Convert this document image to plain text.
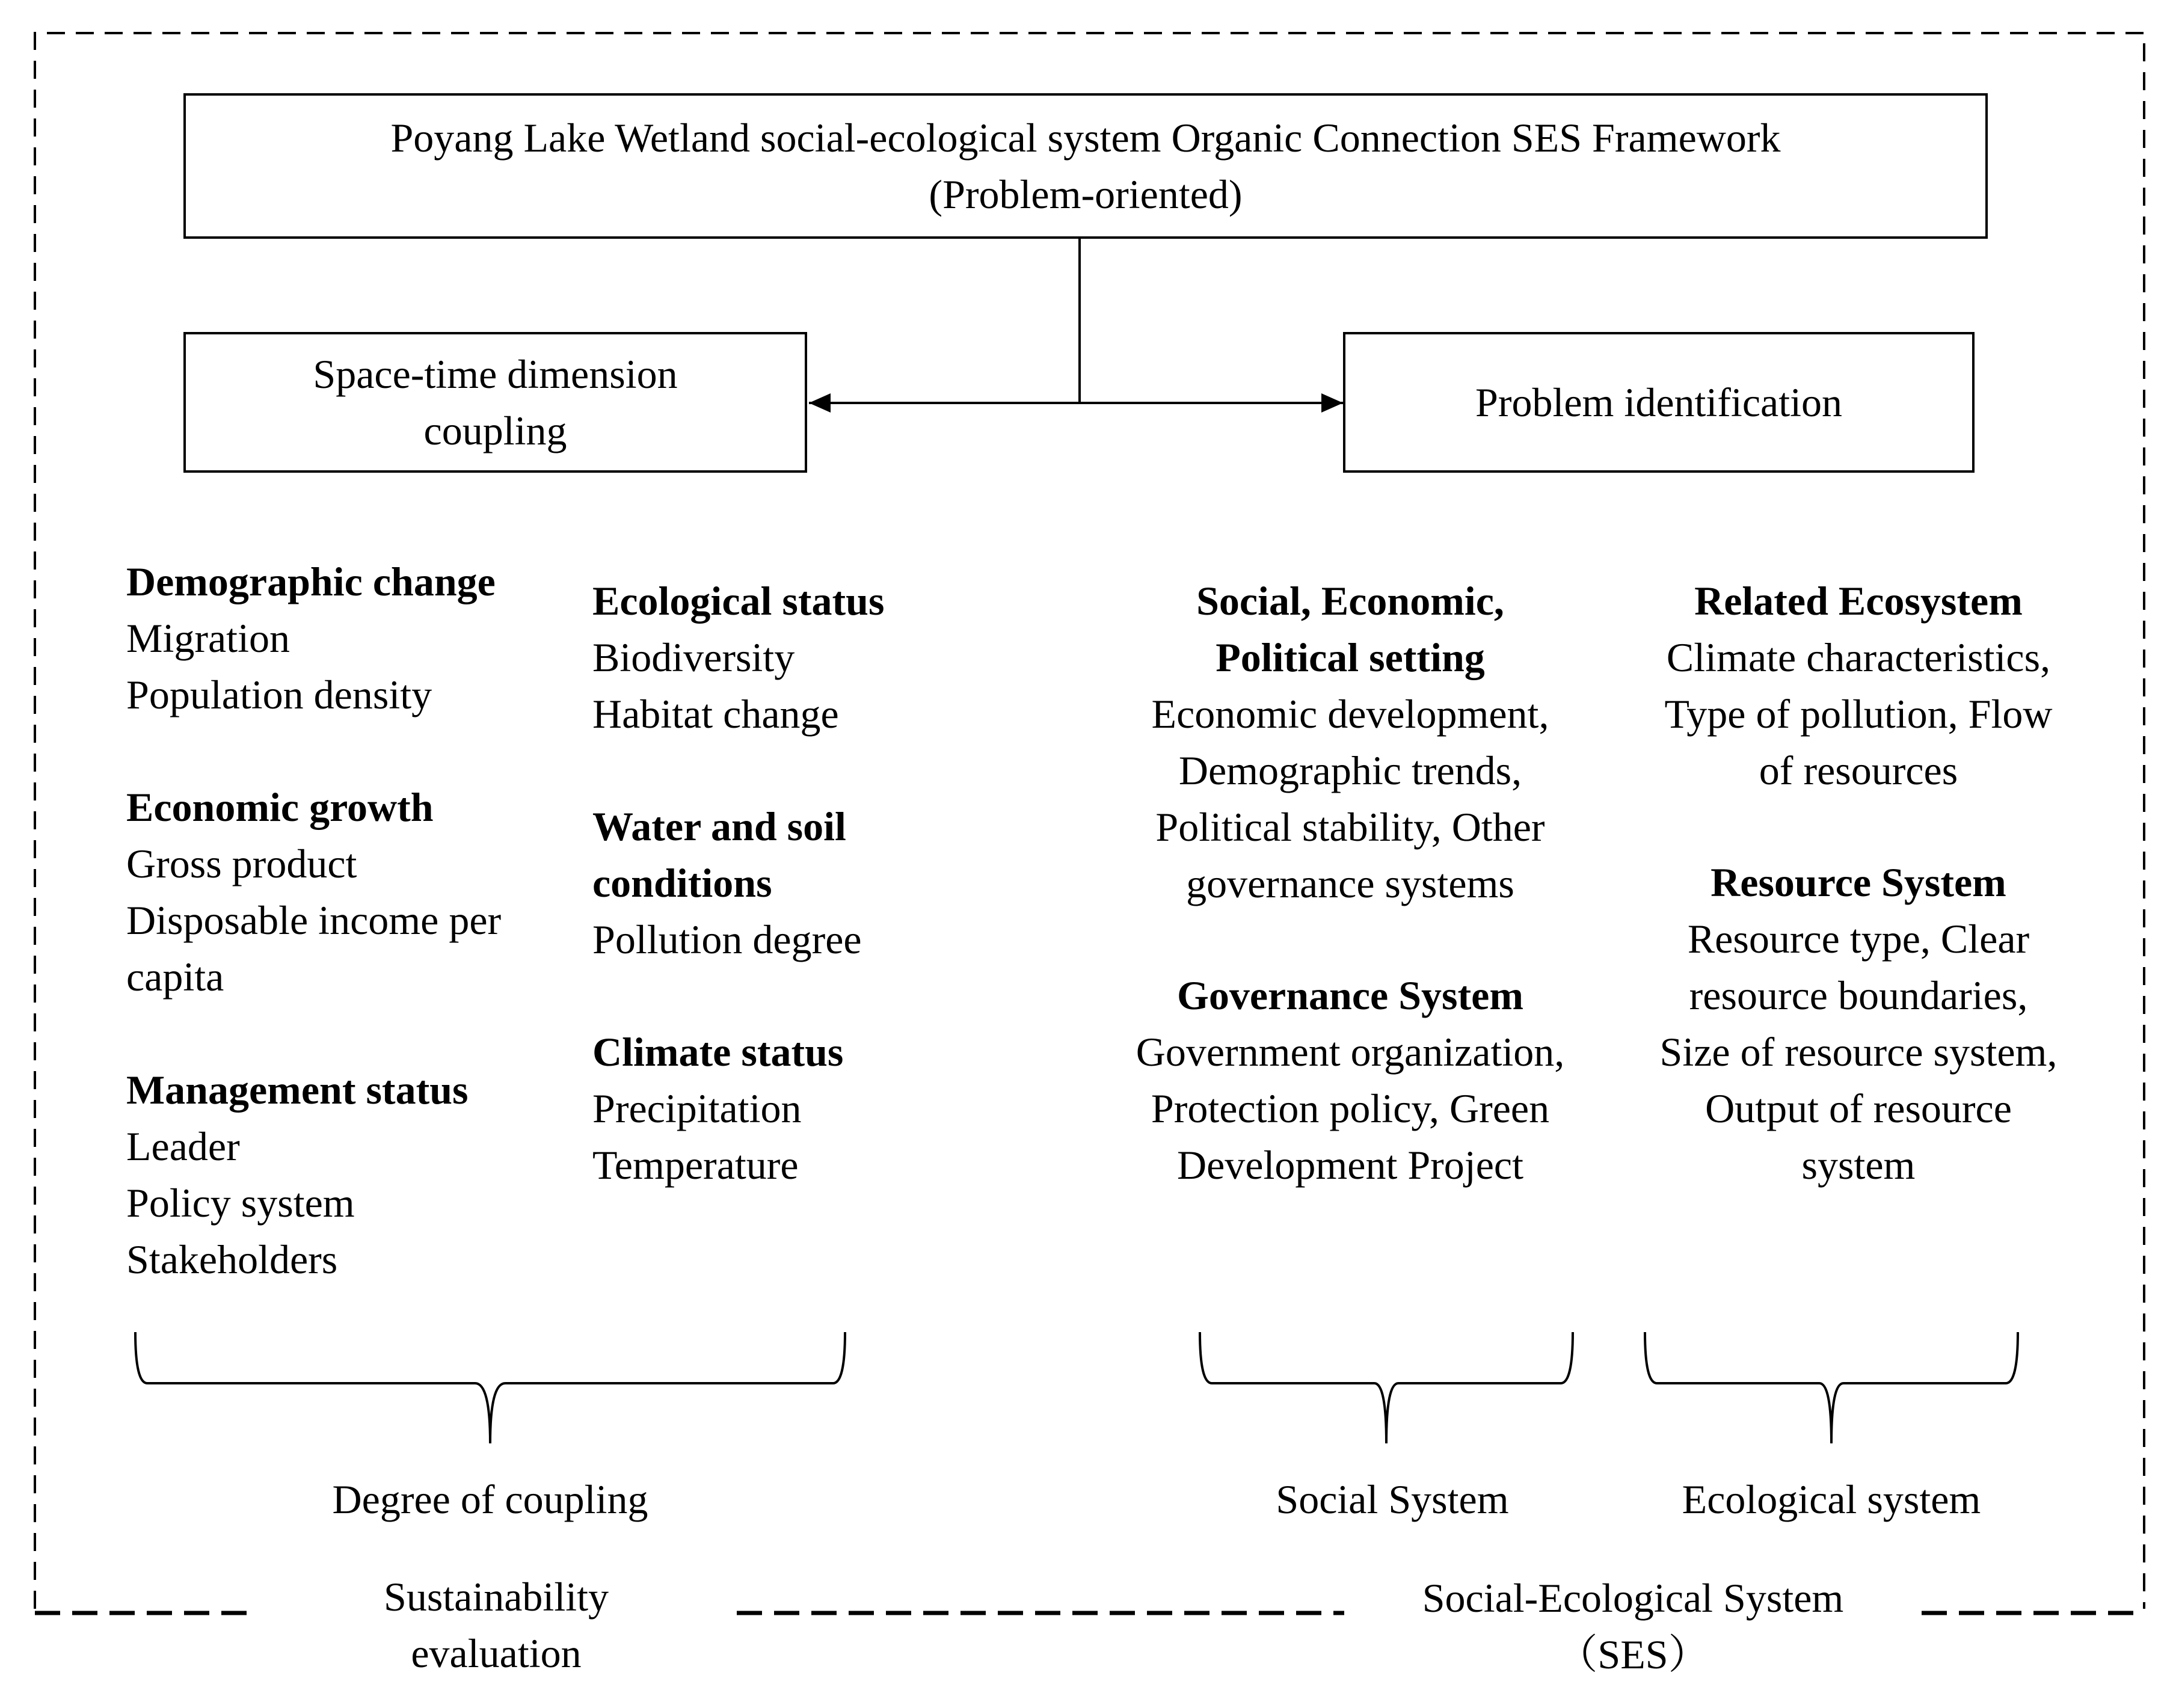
Poyang Lake Wetland social-ecological system Organic Connection SES Framework
(Problem-oriented)
Space-time dimension
coupling
Problem identification
Demographic change
Migration
Population density
Economic growth
Gross product
Disposable income per
capita
Management status
Leader
Policy system
Stakeholders
Ecological status
Biodiversity
Habitat change
Water and soil
conditions
Pollution degree
Climate status
Precipitation
Temperature
Social, Economic,
Political setting
Economic development,
Demographic trends,
Political stability, Other
governance systems
Governance System
Government organization,
Protection policy, Green
Development Project
Related Ecosystem
Climate characteristics,
Type of pollution, Flow
of resources
Resource System
Resource type, Clear
resource boundaries,
Size of resource system,
Output of resource
system
Degree of coupling	Social System	Ecological system
Sustainability
evaluation
Social-Ecological System
（SES）
